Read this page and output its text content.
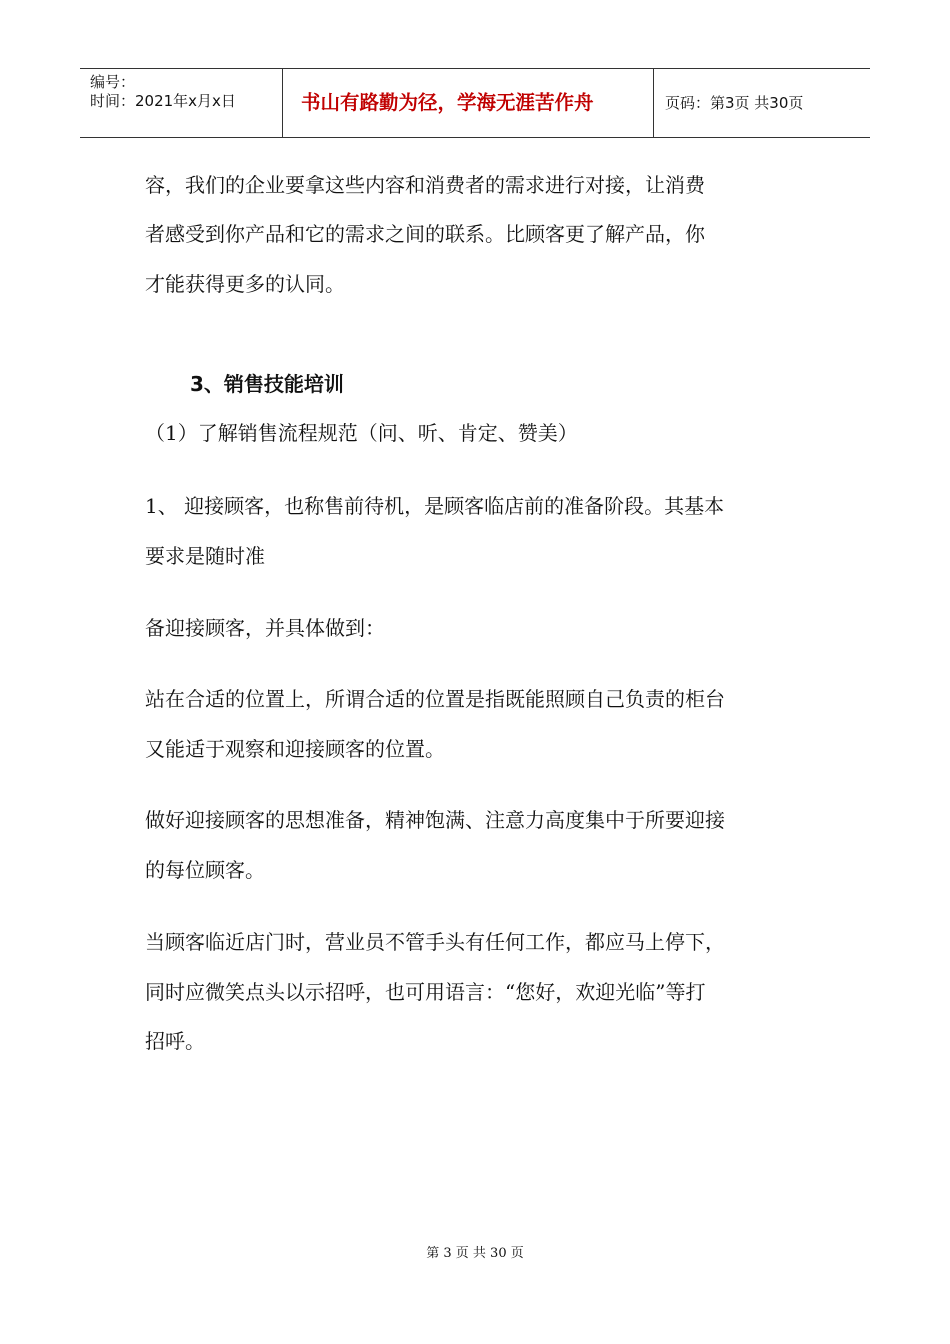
编号：
时间：2021年x月x日	书山有路勤为径，学海无涯苦作舟	页码：第3页 共30页
容，我们的企业要拿这些内容和消费者的需求进行对接，让消费
者感受到你产品和它的需求之间的联系。比顾客更了解产品，你
才能获得更多的认同。
3、销售技能培训
（1）了解销售流程规范（问、听、肯定、赞美）
1、 迎接顾客，也称售前待机，是顾客临店前的准备阶段。其基本
要求是随时准
备迎接顾客，并具体做到：
站在合适的位置上，所谓合适的位置是指既能照顾自己负责的柜台
又能适于观察和迎接顾客的位置。
做好迎接顾客的思想准备，精神饱满、注意力高度集中于所要迎接
的每位顾客。
当顾客临近店门时，营业员不管手头有任何工作，都应马上停下，
同时应微笑点头以示招呼，也可用语言：“您好，欢迎光临”等打
招呼。
第 3 页 共 30 页
